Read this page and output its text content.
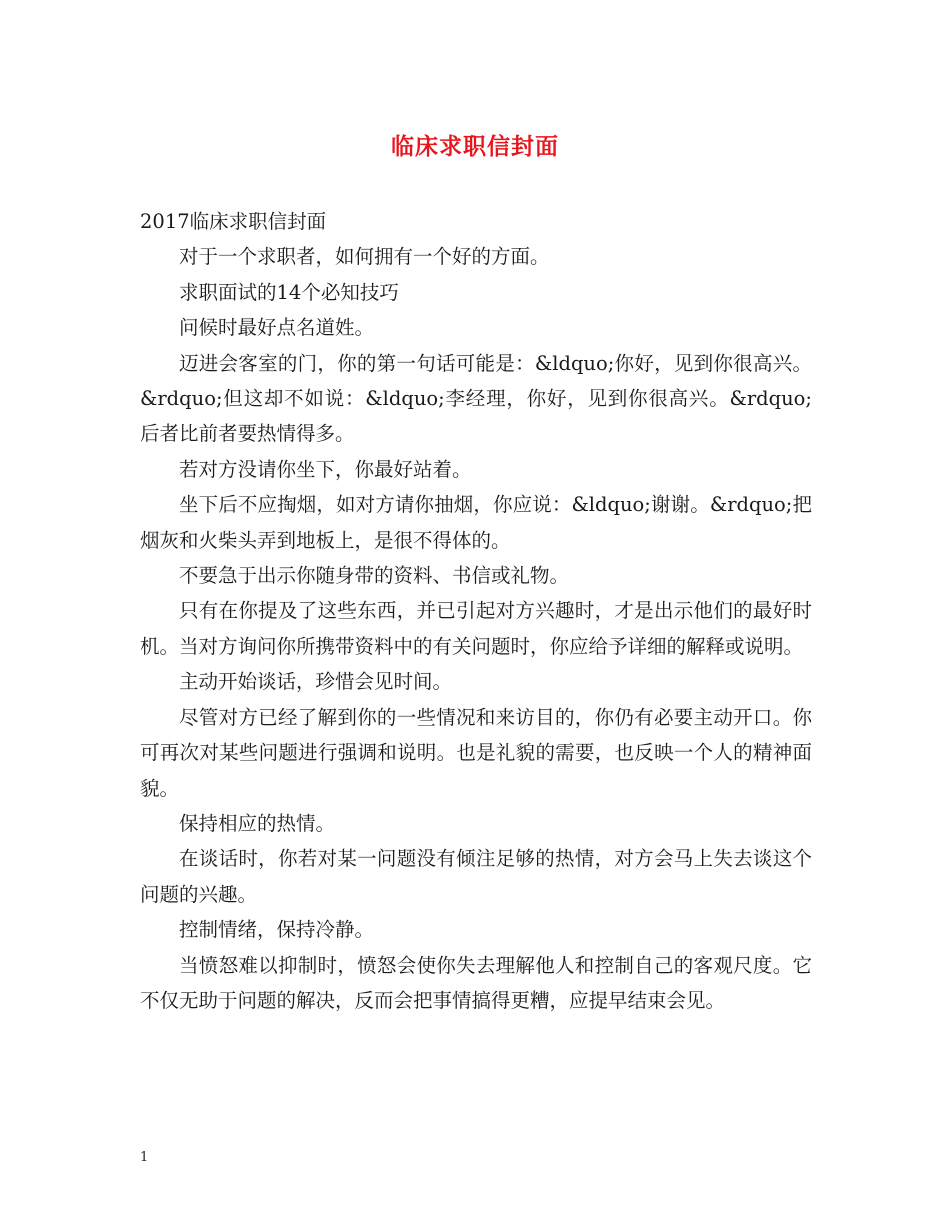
临床求职信封面

2017临床求职信封面

对于一个求职者，如何拥有一个好的方面。

求职面试的14个必知技巧

问候时最好点名道姓。

迈进会客室的门，你的第一句话可能是：&ldquo;你好，见到你很高兴。&rdquo;但这却不如说：&ldquo;李经理，你好，见到你很高兴。&rdquo;后者比前者要热情得多。

若对方没请你坐下，你最好站着。

坐下后不应掏烟，如对方请你抽烟，你应说：&ldquo;谢谢。&rdquo;把烟灰和火柴头弄到地板上，是很不得体的。

不要急于出示你随身带的资料、书信或礼物。

只有在你提及了这些东西，并已引起对方兴趣时，才是出示他们的最好时机。当对方询问你所携带资料中的有关问题时，你应给予详细的解释或说明。

主动开始谈话，珍惜会见时间。

尽管对方已经了解到你的一些情况和来访目的，你仍有必要主动开口。你可再次对某些问题进行强调和说明。也是礼貌的需要，也反映一个人的精神面貌。

保持相应的热情。

在谈话时，你若对某一问题没有倾注足够的热情，对方会马上失去谈这个问题的兴趣。

控制情绪，保持冷静。

当愤怒难以抑制时，愤怒会使你失去理解他人和控制自己的客观尺度。它不仅无助于问题的解决，反而会把事情搞得更糟，应提早结束会见。

1
